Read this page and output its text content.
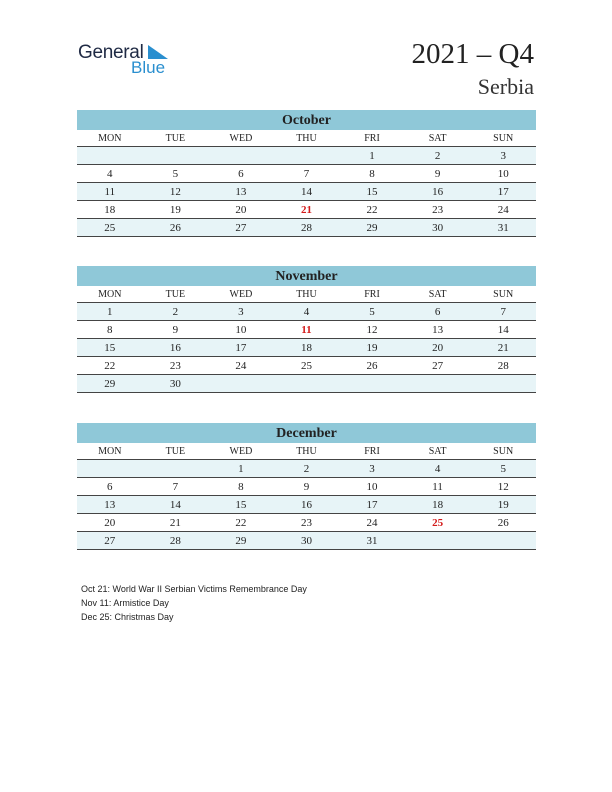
General
Blue	2021 – Q4
Serbia
October
MON	TUE	WED	THU	FRI	SAT	SUN
				1	2	3
4	5	6	7	8	9	10
11	12	13	14	15	16	17
18	19	20	21	22	23	24
25	26	27	28	29	30	31
November
MON	TUE	WED	THU	FRI	SAT	SUN
1	2	3	4	5	6	7
8	9	10	11	12	13	14
15	16	17	18	19	20	21
22	23	24	25	26	27	28
29	30					
December
MON	TUE	WED	THU	FRI	SAT	SUN
		1	2	3	4	5
6	7	8	9	10	11	12
13	14	15	16	17	18	19
20	21	22	23	24	25	26
27	28	29	30	31		
Oct 21: World War II Serbian Victims Remembrance Day
Nov 11: Armistice Day
Dec 25: Christmas Day
